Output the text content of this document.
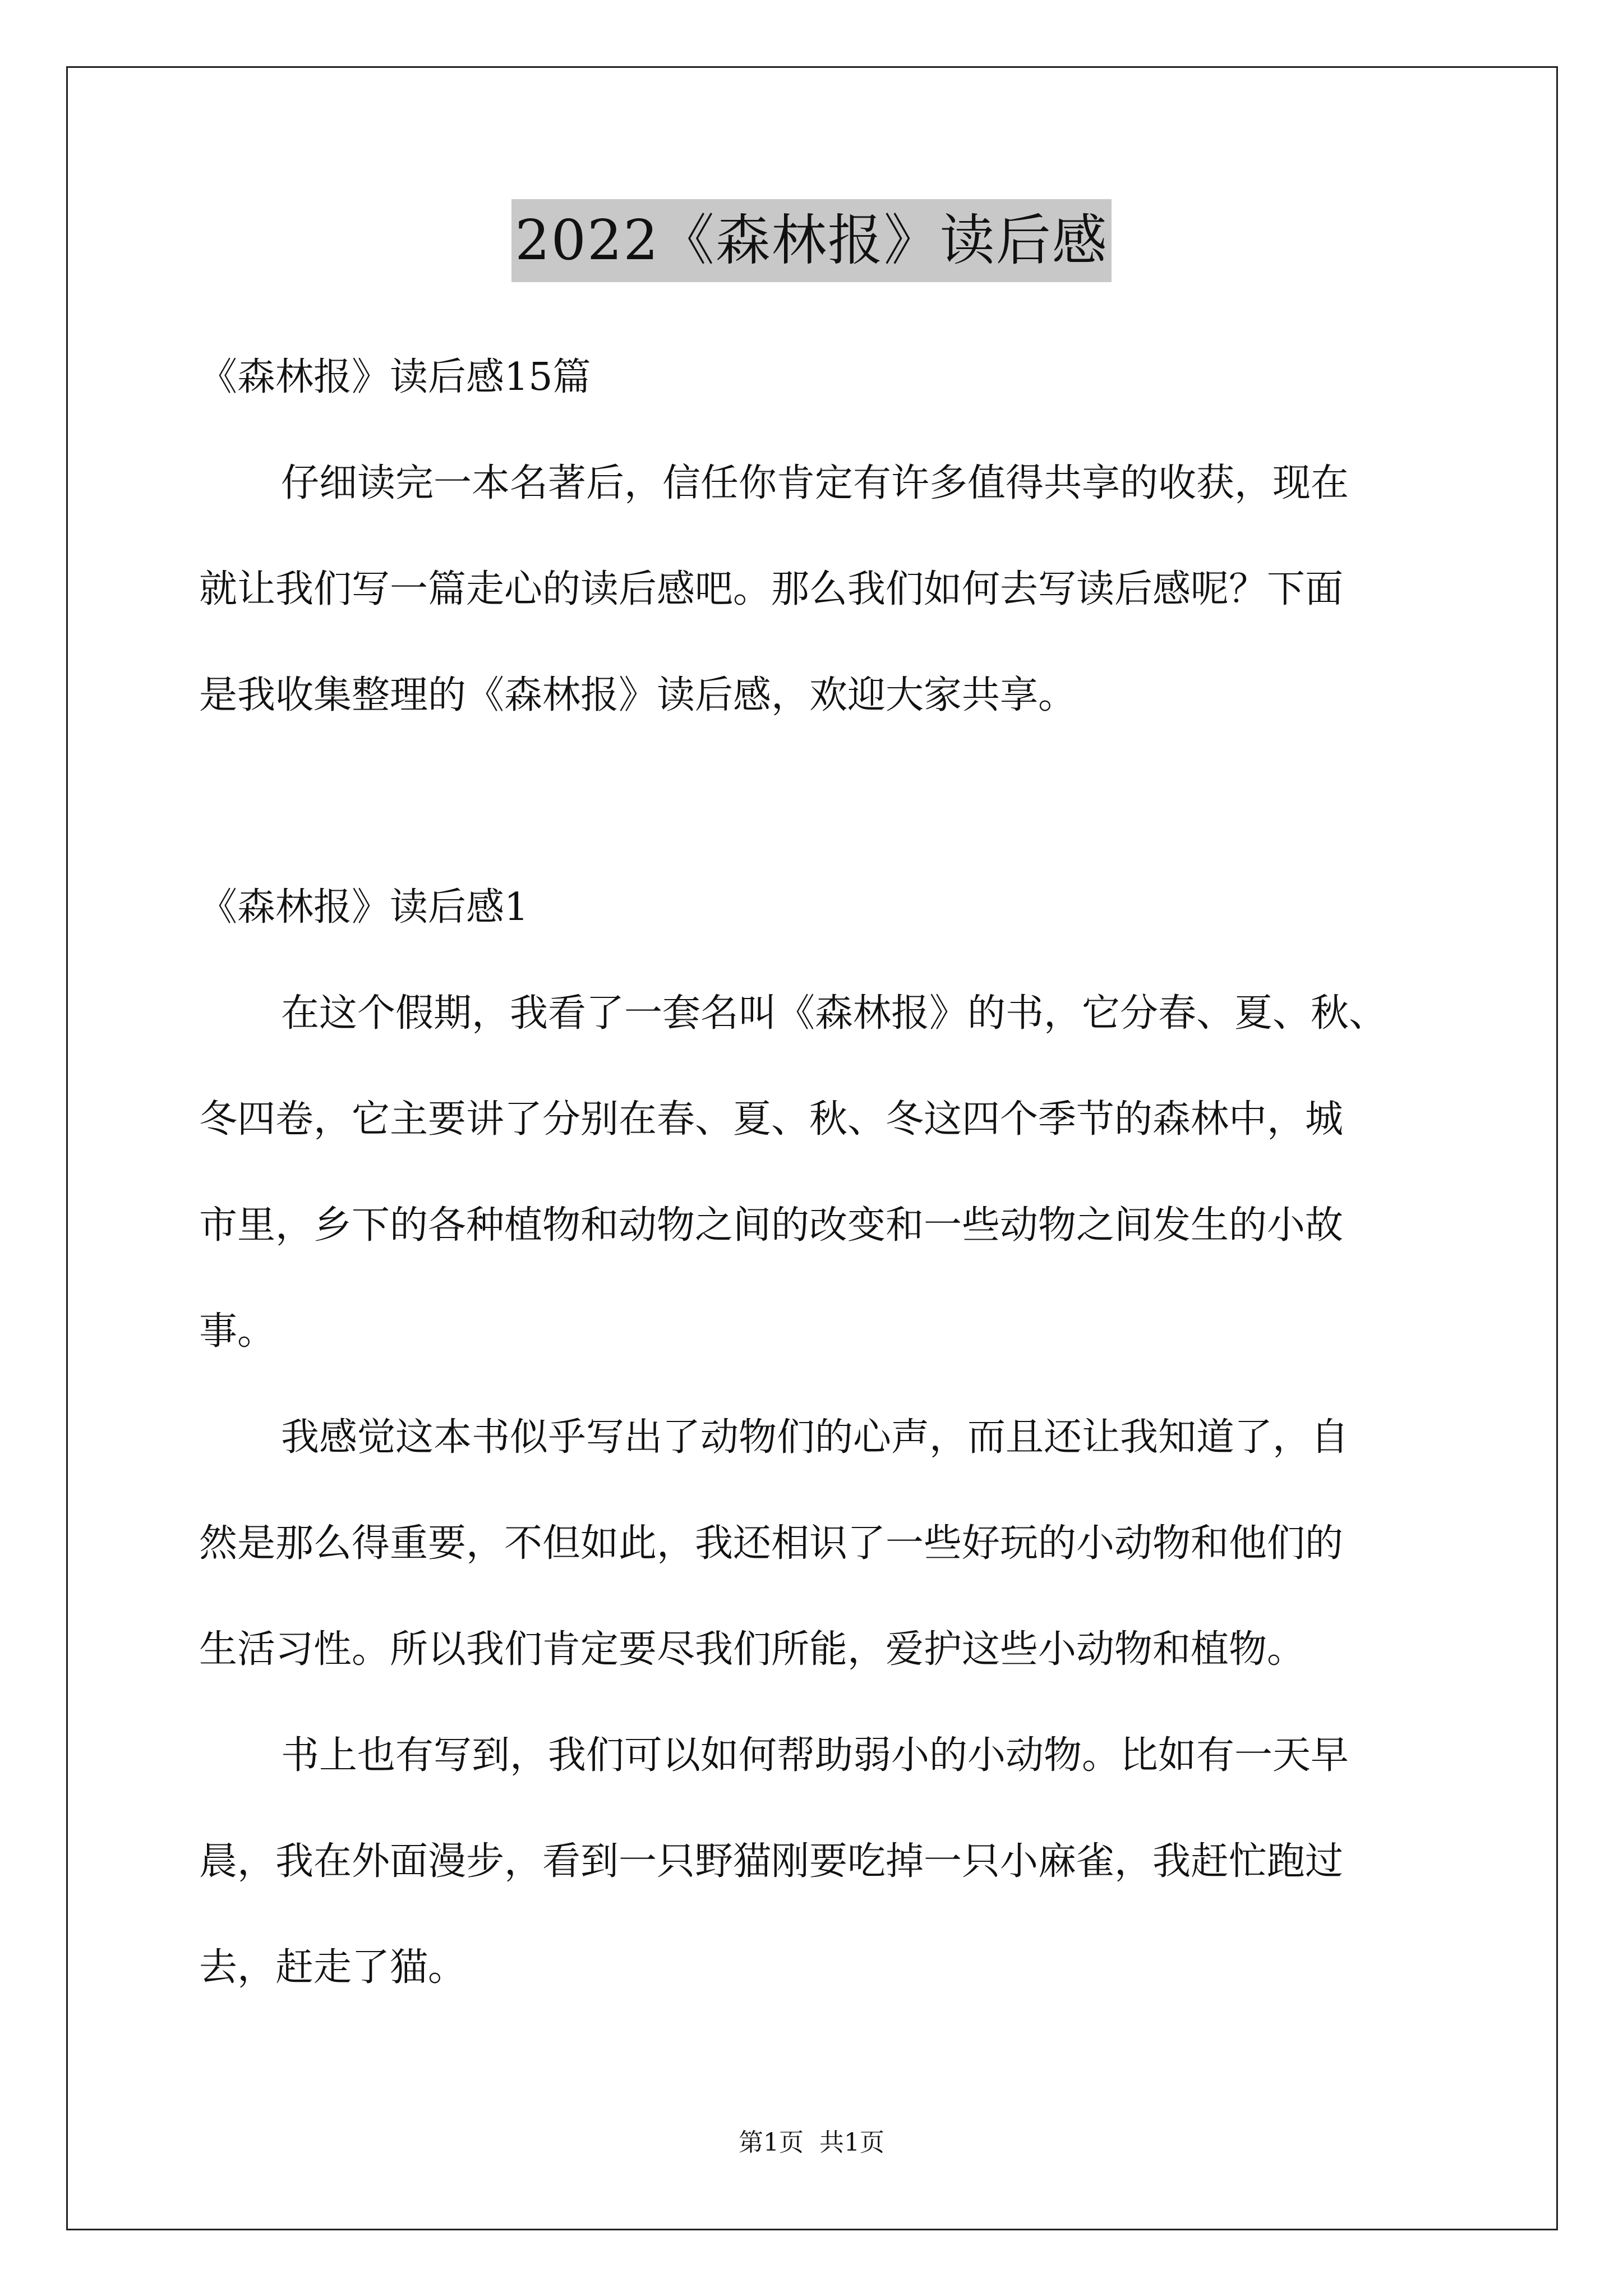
2022《森林报》读后感
《森林报》读后感15篇
仔细读完一本名著后，信任你肯定有许多值得共享的收获，现在
就让我们写一篇走心的读后感吧。那么我们如何去写读后感呢？下面
是我收集整理的《森林报》读后感，欢迎大家共享。
《森林报》读后感1
在这个假期，我看了一套名叫《森林报》的书，它分春、夏、秋、
冬四卷，它主要讲了分别在春、夏、秋、冬这四个季节的森林中，城
市里，乡下的各种植物和动物之间的改变和一些动物之间发生的小故
事。
我感觉这本书似乎写出了动物们的心声，而且还让我知道了，自
然是那么得重要，不但如此，我还相识了一些好玩的小动物和他们的
生活习性。所以我们肯定要尽我们所能，爱护这些小动物和植物。
书上也有写到，我们可以如何帮助弱小的小动物。比如有一天早
晨，我在外面漫步，看到一只野猫刚要吃掉一只小麻雀，我赶忙跑过
去，赶走了猫。
第1页 共1页
